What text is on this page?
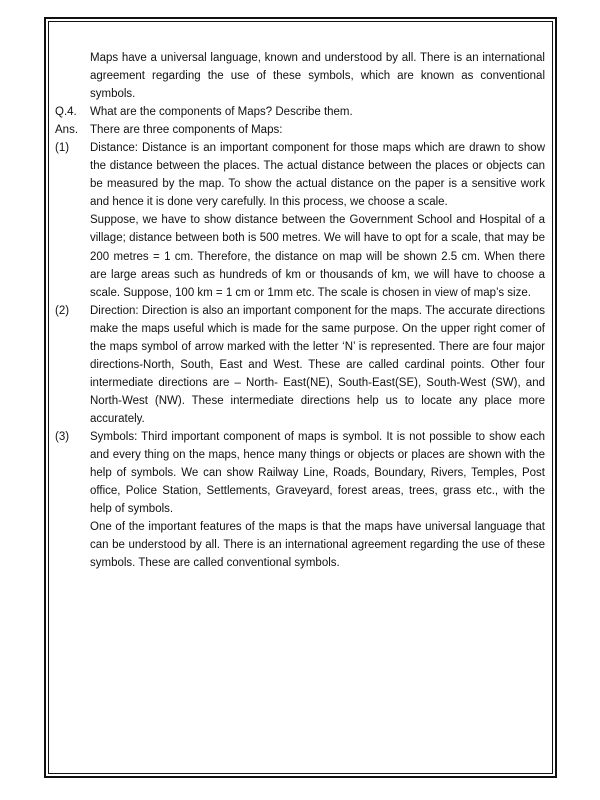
Maps have a universal language, known and understood by all. There is an international agreement regarding the use of these symbols, which are known as conventional symbols.

Q.4.	What are the components of Maps? Describe them.

Ans.	There are three components of Maps:

(1)	Distance: Distance is an important component for those maps which are drawn to show the distance between the places. The actual distance between the places or objects can be measured by the map. To show the actual distance on the paper is a sensitive work and hence it is done very carefully. In this process, we choose a scale.

Suppose, we have to show distance between the Government School and Hospital of a village; distance between both is 500 metres. We will have to opt for a scale, that may be 200 metres = 1 cm. Therefore, the distance on map will be shown 2.5 cm. When there are large areas such as hundreds of km or thousands of km, we will have to choose a scale. Suppose, 100 km = 1 cm or 1mm etc. The scale is chosen in view of map’s size.

(2)	Direction: Direction is also an important component for the maps. The accurate directions make the maps useful which is made for the same purpose. On the upper right comer of the maps symbol of arrow marked with the letter ‘N’ is represented. There are four major directions-North, South, East and West. These are called cardinal points. Other four intermediate directions are – North- East(NE), South-East(SE), South-West (SW), and North-West (NW). These intermediate directions help us to locate any place more accurately.

(3)	Symbols: Third important component of maps is symbol. It is not possible to show each and every thing on the maps, hence many things or objects or places are shown with the help of symbols. We can show Railway Line, Roads, Boundary, Rivers, Temples, Post office, Police Station, Settlements, Graveyard, forest areas, trees, grass etc., with the help of symbols.

One of the important features of the maps is that the maps have universal language that can be understood by all. There is an international agreement regarding the use of these symbols. These are called conventional symbols.
